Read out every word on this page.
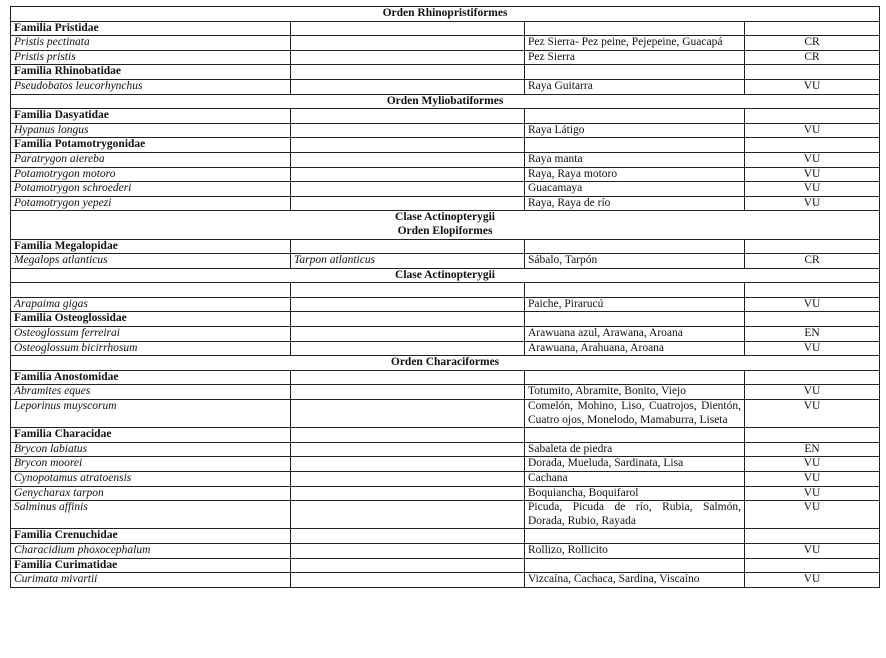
Orden Rhinopristiformes			
Familia Pristidae			
Pristis pectinata		Pez Sierra- Pez peine, Pejepeine, Guacapá	CR
Pristis pristis		Pez Sierra	CR
Familia Rhinobatidae			
Pseudobatos leucorhynchus		Raya Guitarra	VU
Orden Myliobatiformes			
Familia Dasyatidae			
Hypanus longus		Raya Látigo	VU
Familia Potamotrygonidae			
Paratrygon aiereba		Raya manta	VU
Potamotrygon motoro		Raya, Raya motoro	VU
Potamotrygon schroederi		Guacamaya	VU
Potamotrygon yepezi		Raya, Raya de río	VU

Clase Actinopterygii
Orden Elopiformes			

Familia Megalopidae			
Megalops atlanticus	Tarpon atlanticus	Sábalo, Tarpón	CR
Clase Actinopterygii			

Arapaima gigas		Paiche, Pirarucú	VU
Familia Osteoglossidae			
Osteoglossum ferreirai		Arawuana azul, Arawana, Aroana	EN
Osteoglossum bicirrhosum		Arawuana, Arahuana, Aroana	VU
Orden Characiformes			
Familia Anostomidae			
Abramites eques		Totumito, Abramite, Bonito, Viejo	VU
Leporinus muyscorum		Comelón, Mohino, Liso, Cuatrojos, Dientón, Cuatro ojos, Monelodo, Mamaburra, Liseta	VU
Familia Characidae			
Brycon labiatus		Sabaleta de piedra	EN
Brycon moorei		Dorada, Mueluda, Sardinata, Lisa	VU
Cynopotamus atratoensis		Cachana	VU
Genycharax tarpon		Boquiancha, Boquifarol	VU
Salminus affinis		Picuda, Picuda de río, Rubia, Salmón, Dorada, Rubio, Rayada	VU
Familia Crenuchidae			
Characidium phoxocephalum		Rollizo, Rollicito	VU
Familia Curimatidae			
Curimata mivartii		Vizcaína, Cachaca, Sardina, Viscaíno	VU
